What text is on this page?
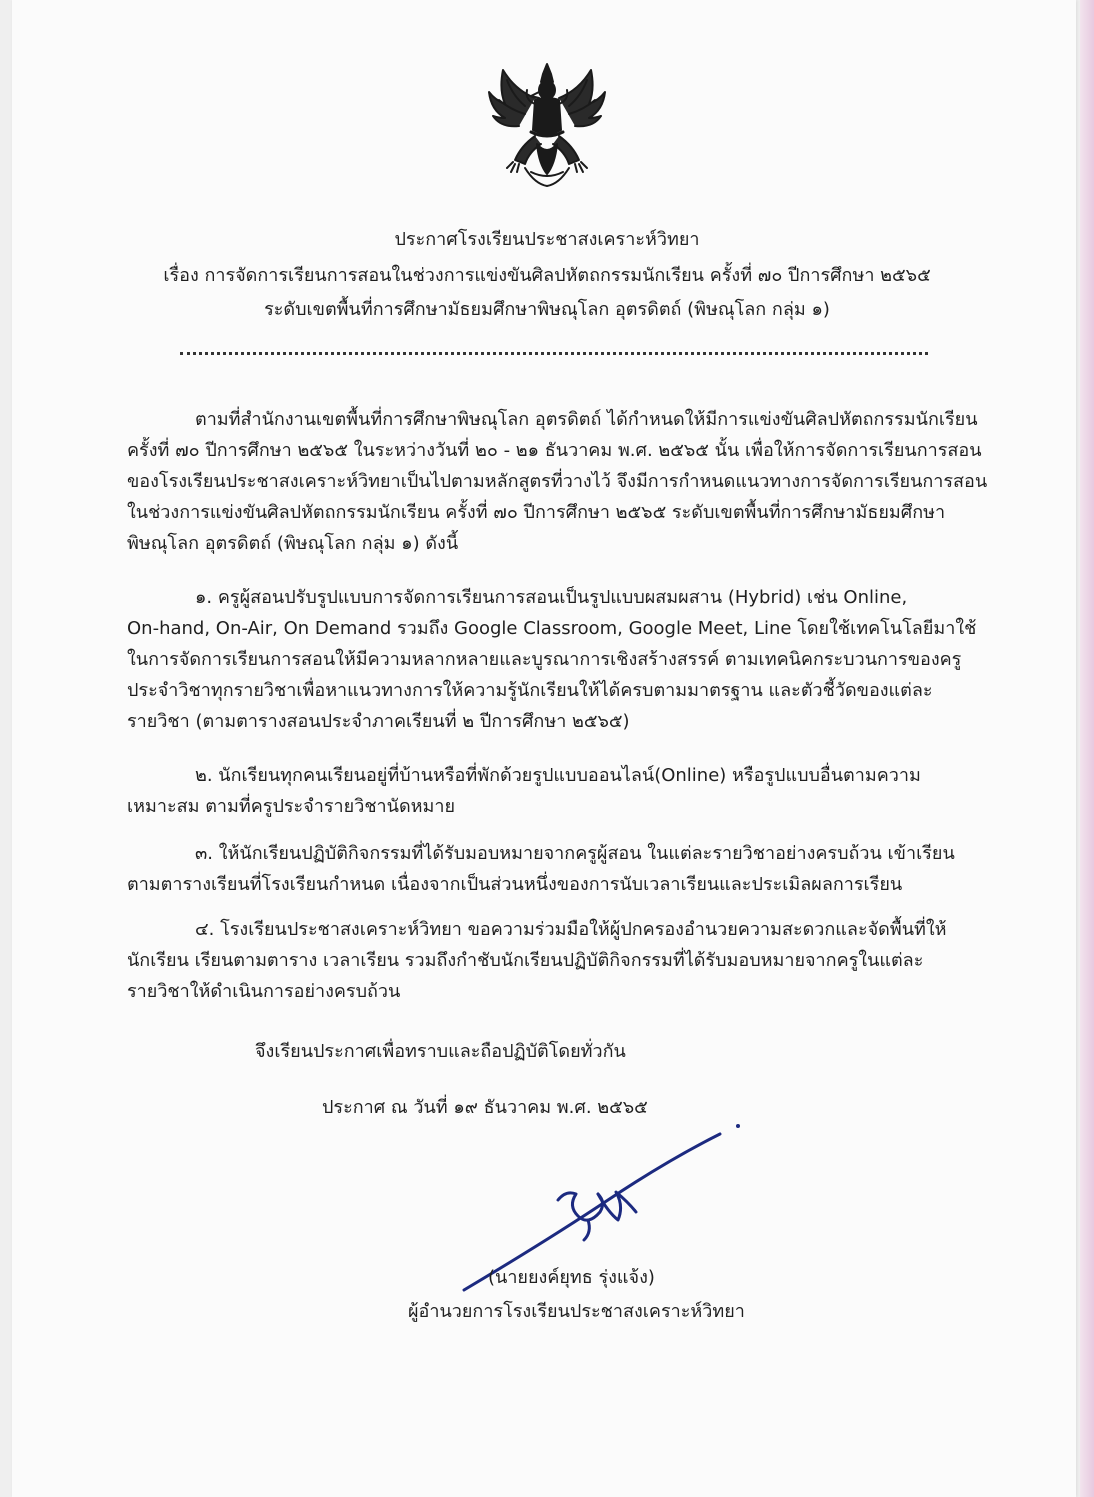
ประกาศโรงเรียนประชาสงเคราะห์วิทยา
เรื่อง การจัดการเรียนการสอนในช่วงการแข่งขันศิลปหัตถกรรมนักเรียน ครั้งที่ ๗๐ ปีการศึกษา ๒๕๖๕
ระดับเขตพื้นที่การศึกษามัธยมศึกษาพิษณุโลก อุตรดิตถ์ (พิษณุโลก กลุ่ม ๑)
ตามที่สำนักงานเขตพื้นที่การศึกษาพิษณุโลก อุตรดิตถ์ ได้กำหนดให้มีการแข่งขันศิลปหัตถกรรมนักเรียน
ครั้งที่ ๗๐ ปีการศึกษา ๒๕๖๕ ในระหว่างวันที่ ๒๐ - ๒๑ ธันวาคม พ.ศ. ๒๕๖๕ นั้น เพื่อให้การจัดการเรียนการสอน
ของโรงเรียนประชาสงเคราะห์วิทยาเป็นไปตามหลักสูตรที่วางไว้ จึงมีการกำหนดแนวทางการจัดการเรียนการสอน
ในช่วงการแข่งขันศิลปหัตถกรรมนักเรียน ครั้งที่ ๗๐ ปีการศึกษา ๒๕๖๕ ระดับเขตพื้นที่การศึกษามัธยมศึกษา
พิษณุโลก อุตรดิตถ์ (พิษณุโลก กลุ่ม ๑) ดังนี้
๑. ครูผู้สอนปรับรูปแบบการจัดการเรียนการสอนเป็นรูปแบบผสมผสาน (Hybrid) เช่น Online,
On-hand, On-Air, On Demand รวมถึง Google Classroom, Google Meet, Line โดยใช้เทคโนโลยีมาใช้
ในการจัดการเรียนการสอนให้มีความหลากหลายและบูรณาการเชิงสร้างสรรค์ ตามเทคนิคกระบวนการของครู
ประจำวิชาทุกรายวิชาเพื่อหาแนวทางการให้ความรู้นักเรียนให้ได้ครบตามมาตรฐาน และตัวชี้วัดของแต่ละ
รายวิชา (ตามตารางสอนประจำภาคเรียนที่ ๒ ปีการศึกษา ๒๕๖๕)
๒. นักเรียนทุกคนเรียนอยู่ที่บ้านหรือที่พักด้วยรูปแบบออนไลน์(Online) หรือรูปแบบอื่นตามความ
เหมาะสม ตามที่ครูประจำรายวิชานัดหมาย
๓. ให้นักเรียนปฏิบัติกิจกรรมที่ได้รับมอบหมายจากครูผู้สอน ในแต่ละรายวิชาอย่างครบถ้วน เข้าเรียน
ตามตารางเรียนที่โรงเรียนกำหนด เนื่องจากเป็นส่วนหนึ่งของการนับเวลาเรียนและประเมิลผลการเรียน
๔. โรงเรียนประชาสงเคราะห์วิทยา ขอความร่วมมือให้ผู้ปกครองอำนวยความสะดวกและจัดพื้นที่ให้
นักเรียน เรียนตามตาราง เวลาเรียน รวมถึงกำชับนักเรียนปฏิบัติกิจกรรมที่ได้รับมอบหมายจากครูในแต่ละ
รายวิชาให้ดำเนินการอย่างครบถ้วน
จึงเรียนประกาศเพื่อทราบและถือปฏิบัติโดยทั่วกัน
ประกาศ ณ วันที่ ๑๙ ธันวาคม พ.ศ. ๒๕๖๕
(นายยงค์ยุทธ รุ่งแจ้ง)
ผู้อำนวยการโรงเรียนประชาสงเคราะห์วิทยา
